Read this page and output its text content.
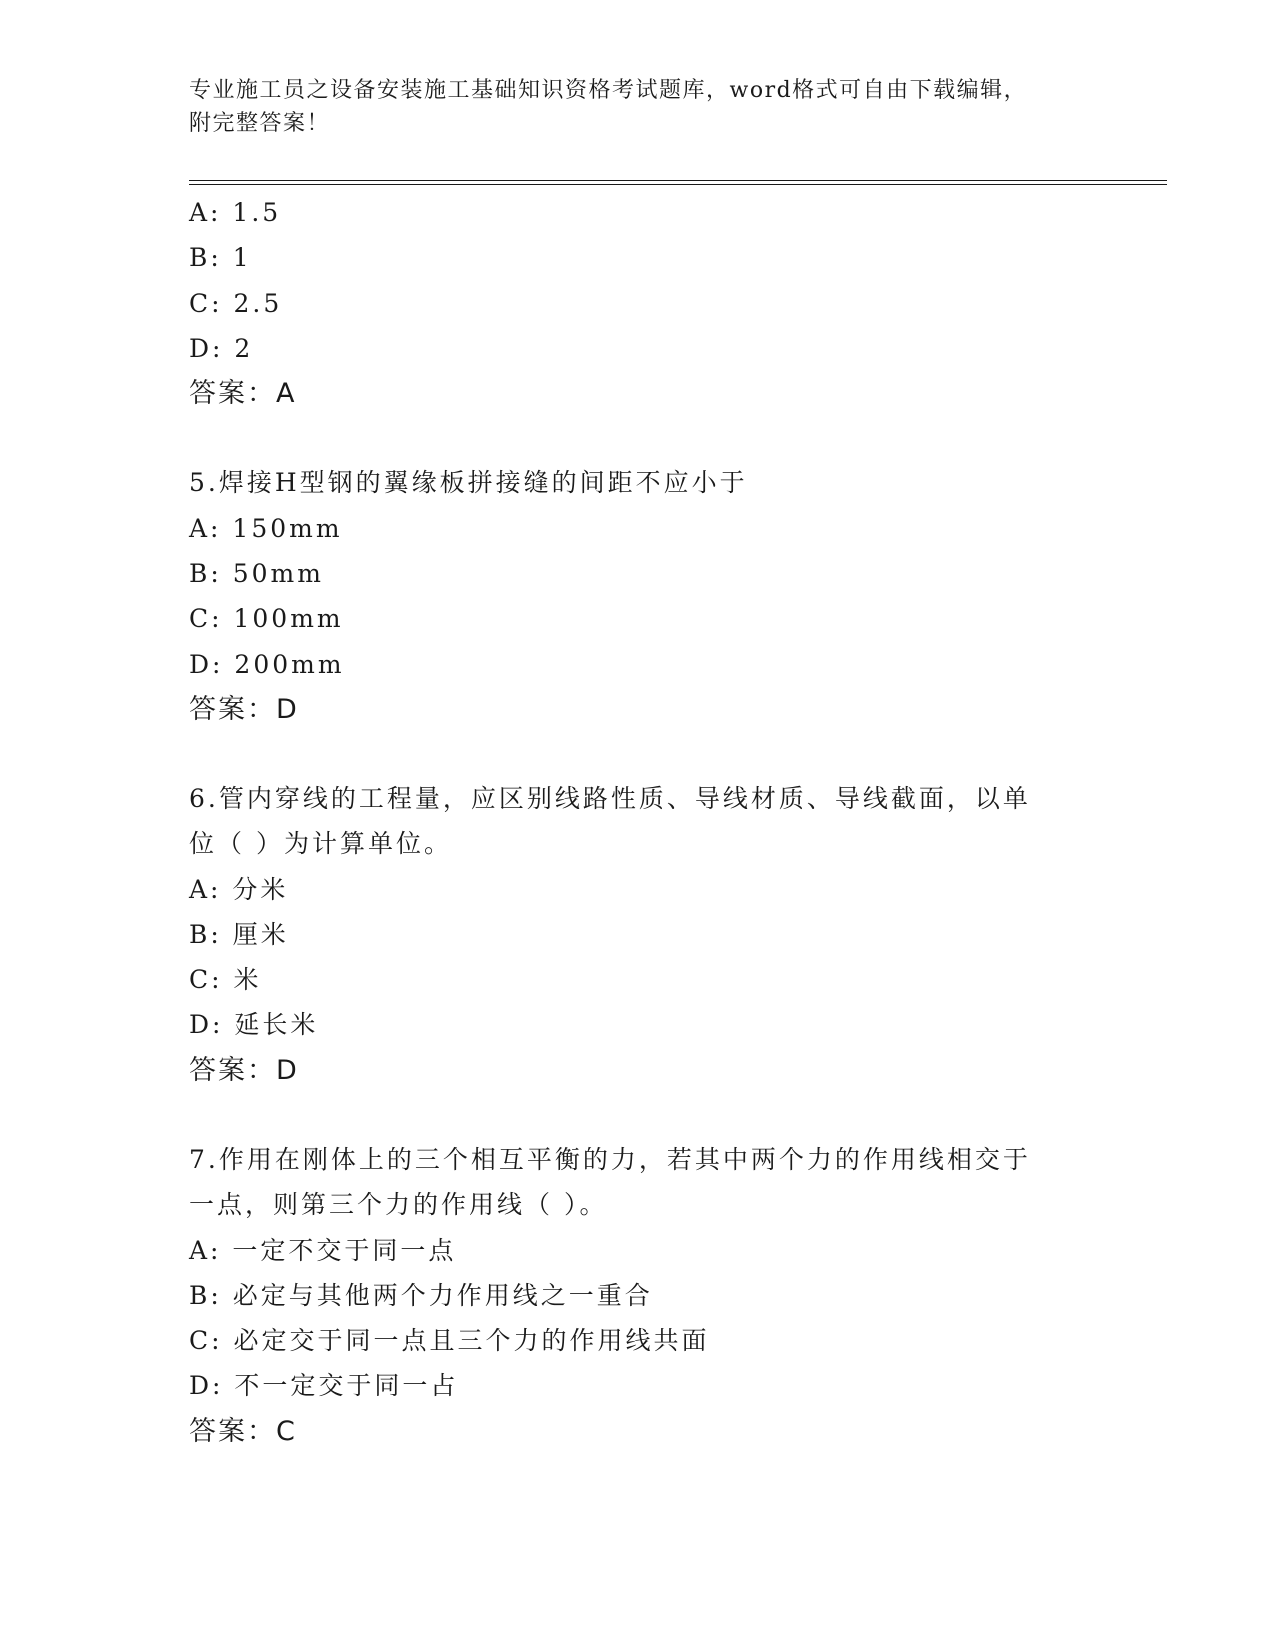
专业施工员之设备安装施工基础知识资格考试题库，word格式可自由下载编辑，
附完整答案！
A: 1.5
B: 1
C: 2.5
D: 2
答案：A
5.焊接H型钢的翼缘板拼接缝的间距不应小于
A: 150mm
B: 50mm
C: 100mm
D: 200mm
答案：D
6.管内穿线的工程量，应区别线路性质、导线材质、导线截面，以单
位（ ）为计算单位。
A: 分米
B: 厘米
C: 米
D: 延长米
答案：D
7.作用在刚体上的三个相互平衡的力，若其中两个力的作用线相交于
一点，则第三个力的作用线（ ）。
A: 一定不交于同一点
B: 必定与其他两个力作用线之一重合
C: 必定交于同一点且三个力的作用线共面
D: 不一定交于同一占
答案：C
